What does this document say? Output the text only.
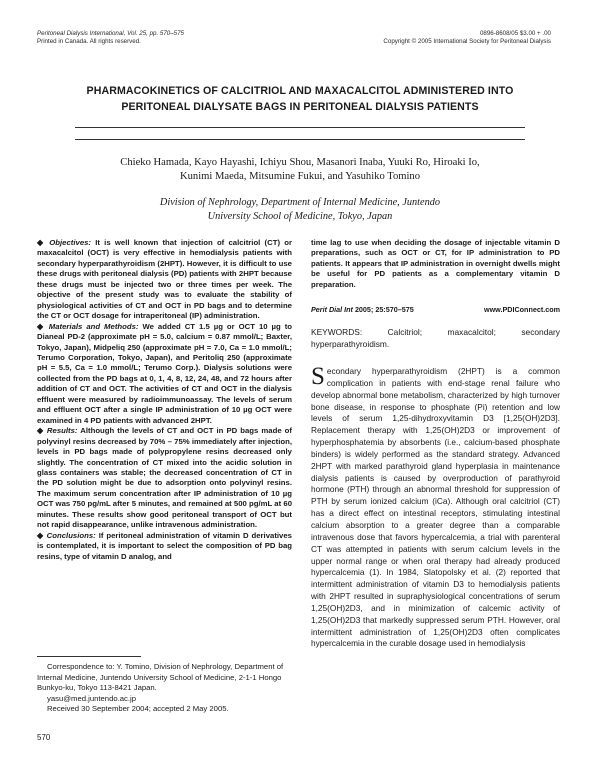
Peritoneal Dialysis International, Vol. 25, pp. 570–575
Printed in Canada. All rights reserved.
0896-8608/05 $3.00 + .00
Copyright © 2005 International Society for Peritoneal Dialysis
PHARMACOKINETICS OF CALCITRIOL AND MAXACALCITOL ADMINISTERED INTO PERITONEAL DIALYSATE BAGS IN PERITONEAL DIALYSIS PATIENTS
Chieko Hamada, Kayo Hayashi, Ichiyu Shou, Masanori Inaba, Yuuki Ro, Hiroaki Io,
Kunimi Maeda, Mitsumine Fukui, and Yasuhiko Tomino
Division of Nephrology, Department of Internal Medicine, Juntendo
University School of Medicine, Tokyo, Japan

◆ Objectives: It is well known that injection of calcitriol (CT) or maxacalcitol (OCT) is very effective in hemodialysis patients with secondary hyperparathyroidism (2HPT). However, it is difficult to use these drugs with peritoneal dialysis (PD) patients with 2HPT because these drugs must be injected two or three times per week. The objective of the present study was to evaluate the stability of physiological activities of CT and OCT in PD bags and to determine the CT or OCT dosage for intraperitoneal (IP) administration.

◆ Materials and Methods: We added CT 1.5 µg or OCT 10 µg to Dianeal PD-2 (approximate pH = 5.0, calcium = 0.87 mmol/L; Baxter, Tokyo, Japan), Midpeliq 250 (approximate pH = 7.0, Ca = 1.0 mmol/L; Terumo Corporation, Tokyo, Japan), and Peritoliq 250 (approximate pH = 5.5, Ca = 1.0 mmol/L; Terumo Corp.). Dialysis solutions were collected from the PD bags at 0, 1, 4, 8, 12, 24, 48, and 72 hours after addition of CT and OCT. The activities of CT and OCT in the dialysis effluent were measured by radioimmunoassay. The levels of serum and effluent OCT after a single IP administration of 10 µg OCT were examined in 4 PD patients with advanced 2HPT.

◆ Results: Although the levels of CT and OCT in PD bags made of polyvinyl resins decreased by 70% – 75% immediately after injection, levels in PD bags made of polypropylene resins decreased only slightly. The concentration of CT mixed into the acidic solution in glass containers was stable; the decreased concentration of CT in the PD solution might be due to adsorption onto polyvinyl resins. The maximum serum concentration after IP administration of 10 µg OCT was 750 pg/mL after 5 minutes, and remained at 500 pg/mL at 60 minutes. These results show good peritoneal transport of OCT but not rapid disappearance, unlike intravenous administration.

◆ Conclusions: If peritoneal administration of vitamin D derivatives is contemplated, it is important to select the composition of PD bag resins, type of vitamin D analog, and

time lag to use when deciding the dosage of injectable vitamin D preparations, such as OCT or CT, for IP administration to PD patients. It appears that IP administration in overnight dwells might be useful for PD patients as a complementary vitamin D preparation.
Perit Dial Int 2005; 25:570–575	www.PDIConnect.com
KEYWORDS: Calcitriol; maxacalcitol; secondary hyperparathyroidism.
Secondary hyperparathyroidism (2HPT) is a common complication in patients with end-stage renal failure who develop abnormal bone metabolism, characterized by high turnover bone disease, in response to phosphate (Pi) retention and low levels of serum 1,25-dihydroxyvitamin D3 [1,25(OH)2D3]. Replacement therapy with 1,25(OH)2D3 or improvement of hyperphosphatemia by absorbents (i.e., calcium-based phosphate binders) is widely performed as the standard strategy. Advanced 2HPT with marked parathyroid gland hyperplasia in maintenance dialysis patients is caused by overproduction of parathyroid hormone (PTH) through an abnormal threshold for suppression of PTH by serum ionized calcium (iCa). Although oral calcitriol (CT) has a direct effect on intestinal receptors, stimulating intestinal calcium absorption to a greater degree than a comparable intravenous dose that favors hypercalcemia, a trial with parenteral CT was attempted in patients with serum calcium levels in the upper normal range or when oral therapy had already produced hypercalcemia (1). In 1984, Slatopolsky et al. (2) reported that intermittent administration of vitamin D3 to hemodialysis patients with 2HPT resulted in supraphysiological concentrations of serum 1,25(OH)2D3, and in minimization of calcemic activity of 1,25(OH)2D3 that markedly suppressed serum PTH. However, oral intermittent administration of 1,25(OH)2D3 often complicates hypercalcemia in the curable dosage used in hemodialysis

Correspondence to: Y. Tomino, Division of Nephrology, Department of Internal Medicine, Juntendo University School of Medicine, 2-1-1 Hongo Bunkyo-ku, Tokyo 113-8421 Japan.

yasu@med.juntendo.ac.jp

Received 30 September 2004; accepted 2 May 2005.

570
